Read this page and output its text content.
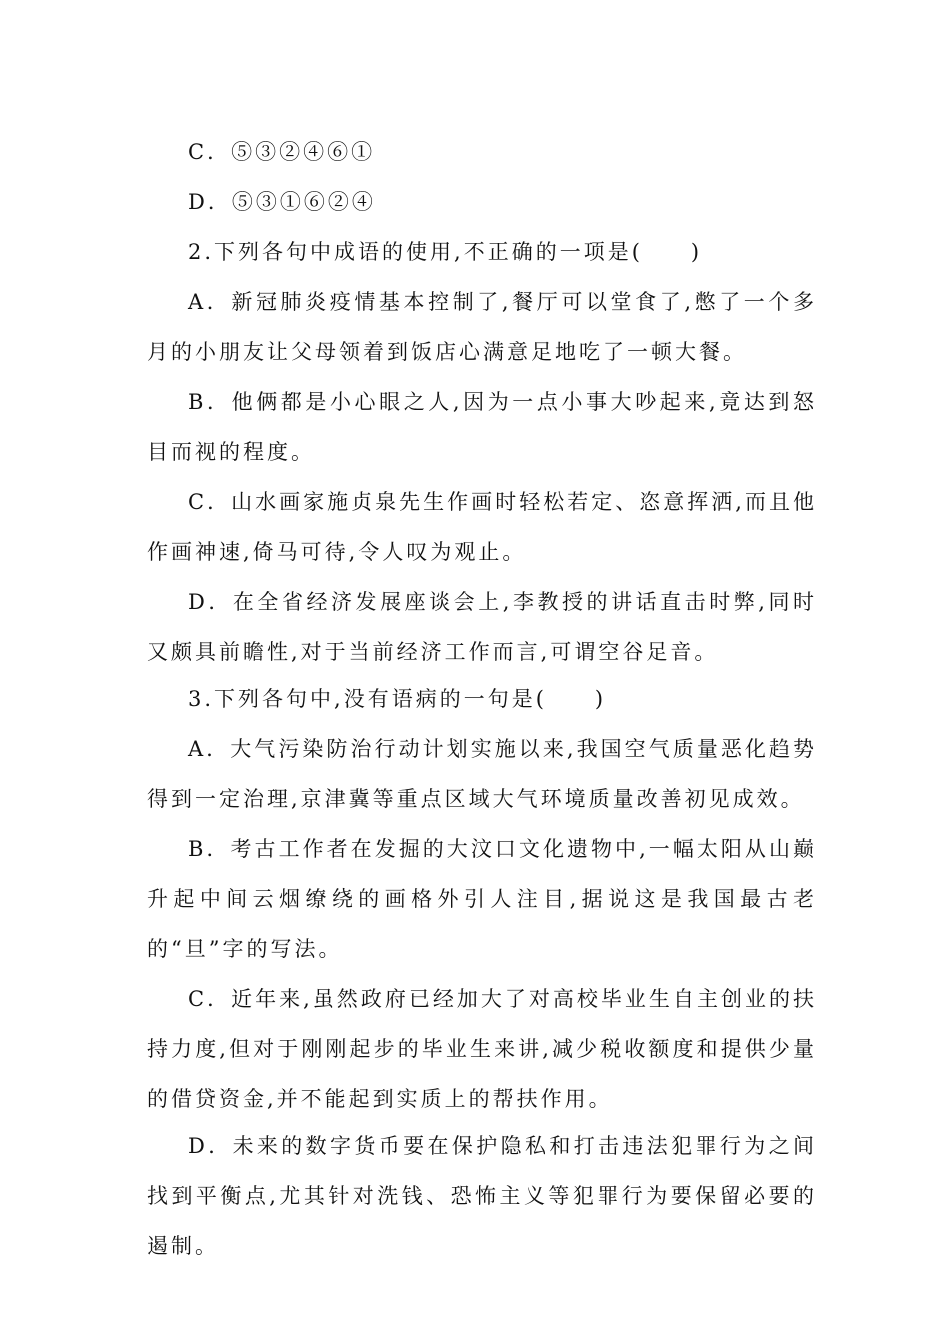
C．⑤③②④⑥①
D．⑤③①⑥②④
2.下列各句中成语的使用,不正确的一项是(　　)
A．新冠肺炎疫情基本控制了,餐厅可以堂食了,憋了一个多月的小朋友让父母领着到饭店心满意足地吃了一顿大餐。
B．他俩都是小心眼之人,因为一点小事大吵起来,竟达到怒目而视的程度。
C．山水画家施贞泉先生作画时轻松若定、恣意挥洒,而且他作画神速,倚马可待,令人叹为观止。
D．在全省经济发展座谈会上,李教授的讲话直击时弊,同时又颇具前瞻性,对于当前经济工作而言,可谓空谷足音。
3.下列各句中,没有语病的一句是(　　)
A．大气污染防治行动计划实施以来,我国空气质量恶化趋势得到一定治理,京津冀等重点区域大气环境质量改善初见成效。
B．考古工作者在发掘的大汶口文化遗物中,一幅太阳从山巅升起中间云烟缭绕的画格外引人注目,据说这是我国最古老的“旦”字的写法。
C．近年来,虽然政府已经加大了对高校毕业生自主创业的扶持力度,但对于刚刚起步的毕业生来讲,减少税收额度和提供少量的借贷资金,并不能起到实质上的帮扶作用。
D．未来的数字货币要在保护隐私和打击违法犯罪行为之间找到平衡点,尤其针对洗钱、恐怖主义等犯罪行为要保留必要的遏制。
